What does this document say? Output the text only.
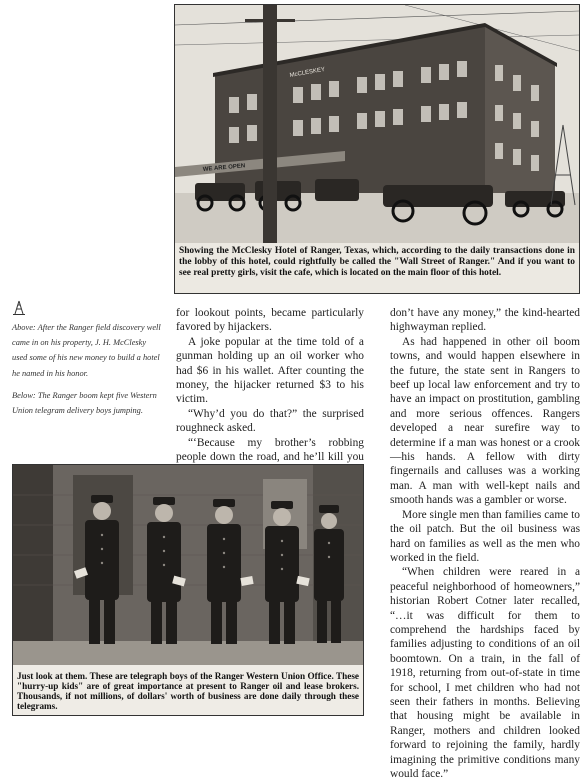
McCLESKEY
WE ARE OPEN
Showing the McClesky Hotel of Ranger, Texas, which, according to the daily transactions done in the lobby of this hotel, could rightfully be called the "Wall Street of Ranger." And if you want to see real pretty girls, visit the cafe, which is located on the main floor of this hotel.
Above: After the Ranger field discovery well came in on his property, J. H. McClesky used some of his new money to build a hotel he named in his honor.
Below: The Ranger boom kept five Western Union telegram delivery boys jumping.

for lookout points, became particularly favored by hijackers.

A joke popular at the time told of a gunman holding up an oil worker who had $6 in his wallet. After counting the money, the hijacker returned $3 to his victim.

“Why’d you do that?” the surprised roughneck asked.

“‘Because my brother’s robbing people down the road, and he’ll kill you

don’t have any money,” the kind-hearted highwayman replied.

As had happened in other oil boom towns, and would happen elsewhere in the future, the state sent in Rangers to beef up local law enforcement and try to have an impact on prostitution, gambling and more serious offences. Rangers developed a near surefire way to determine if a man was honest or a crook—his hands. A fellow with dirty fingernails and calluses was a working man. A man with well-kept nails and smooth hands was a gambler or worse.

More single men than families came to the oil patch. But the oil business was hard on families as well as the men who worked in the field.

“When children were reared in a peaceful neighborhood of homeowners,” historian Robert Cotner later recalled, “…it was difficult for them to comprehend the hardships faced by families adjusting to conditions of an oil boomtown. On a train, in the fall of 1918, returning from out-of-state in time for school, I met children who had not seen their fathers in months. Believing that housing might be available in Ranger, mothers and children looked forward to rejoining the family, hardly imagining the primitive conditions many would face.”

Just look at them. These are telegraph boys of the Ranger Western Union Office. These "hurry-up kids" are of great importance at present to Ranger oil and lease brokers. Thousands, if not millions, of dollars' worth of business are done daily through these telegrams.
